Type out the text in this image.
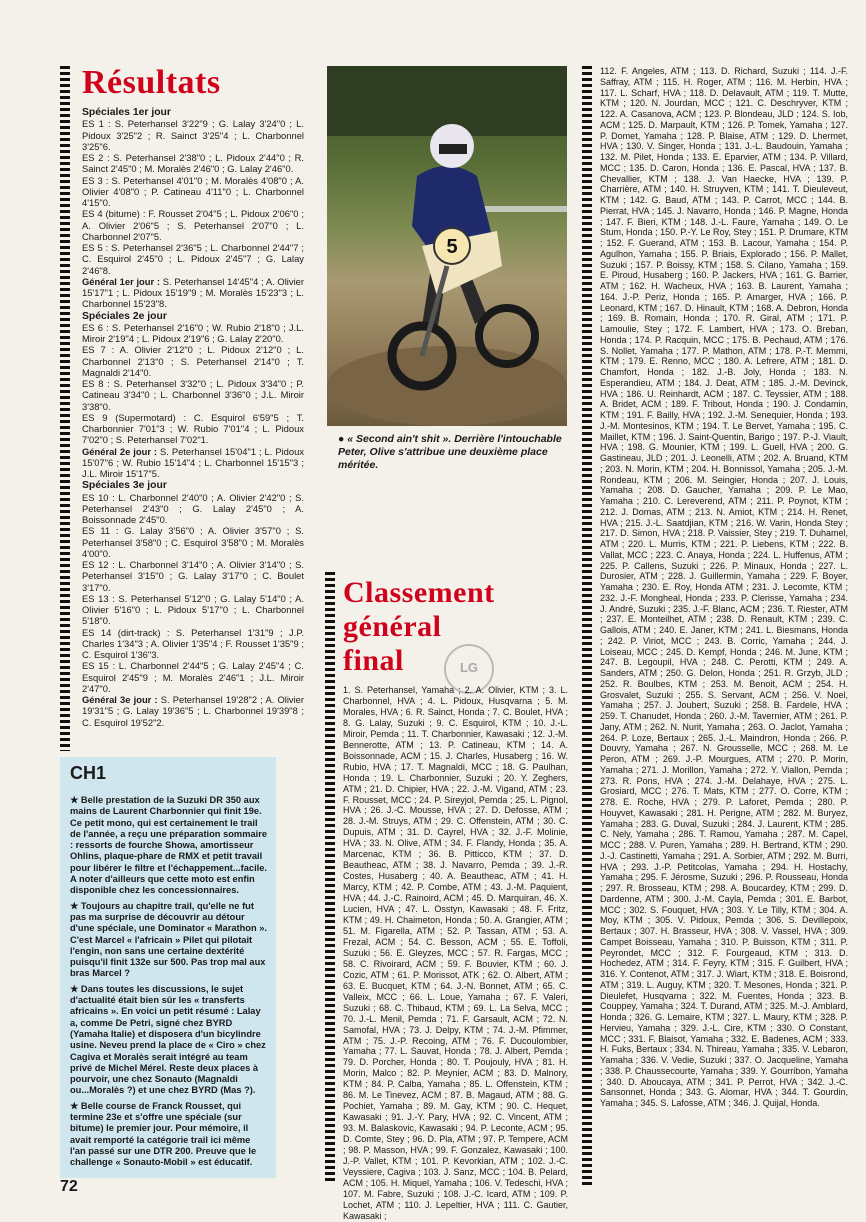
Résultats

Spéciales 1er jour

ES 1 : S. Peterhansel 3'22"9 ; G. Lalay 3'24"0 ; L. Pidoux 3'25"2 ; R. Sainct 3'25"4 ; L. Charbonnel 3'25"6.

ES 2 : S. Peterhansel 2'38"0 ; L. Pidoux 2'44"0 ; R. Sainct 2'45"0 ; M. Moralès 2'46"0 ; G. Lalay 2'46"0.

ES 3 : S. Peterhansel 4'01"0 ; M. Moralès 4'08"0 ; A. Olivier 4'08"0 ; P. Catineau 4'11"0 ; L. Charbonnel 4'15"0.

ES 4 (bitume) : F. Rousset 2'04"5 ; L. Pidoux 2'06"0 ; A. Olivier 2'06"5 ; S. Peterhansel 2'07"0 ; L. Charbonnel 2'07"5.

ES 5 : S. Peterhansel 2'36"5 ; L. Charbonnel 2'44"7 ; C. Esquirol 2'45"0 ; L. Pidoux 2'45"7 ; G. Lalay 2'46"8.

Général 1er jour : S. Peterhansel 14'45"4 ; A. Olivier 15'17"1 ; L. Pidoux 15'19"9 ; M. Moralès 15'23"3 ; L. Charbonnel 15'23"8.

Spéciales 2e jour

ES 6 : S. Peterhansel 2'16"0 ; W. Rubio 2'18"0 ; J.L. Miroir 2'19"4 ; L. Pidoux 2'19"6 ; G. Lalay 2'20"0.

ES 7 : A. Olivier 2'12"0 ; L. Pidoux 2'12"0 ; L. Charbonnel 2'13"0 ; S. Peterhansel 2'14"0 ; T. Magnaldi 2'14"0.

ES 8 : S. Peterhansel 3'32"0 ; L. Pidoux 3'34"0 ; P. Catineau 3'34"0 ; L. Charbonnel 3'36"0 ; J.L. Miroir 3'38"0.

ES 9 (Supermotard) : C. Esquirol 6'59"5 ; T. Charbonnier 7'01"3 ; W. Rubio 7'01"4 ; L. Pidoux 7'02"0 ; S. Peterhansel 7'02"1.

Général 2e jour : S. Peterhansel 15'04"1 ; L. Pidoux 15'07"6 ; W. Rubio 15'14"4 ; L. Charbonnel 15'15"3 ; J.L. Miroir 15'17"5.

Spéciales 3e jour

ES 10 : L. Charbonnel 2'40"0 ; A. Olivier 2'42"0 ; S. Peterhansel 2'43"0 ; G. Lalay 2'45"0 ; A. Boissonnade 2'45"0.

ES 11 : G. Lalay 3'56"0 ; A. Olivier 3'57"0 ; S. Peterhansel 3'58"0 ; C. Esquirol 3'58"0 ; M. Moralès 4'00"0.

ES 12 : L. Charbonnel 3'14"0 ; A. Olivier 3'14"0 ; S. Peterhansel 3'15"0 ; G. Lalay 3'17"0 ; C. Boulet 3'17"0.

ES 13 : S. Peterhansel 5'12"0 ; G. Lalay 5'14"0 ; A. Olivier 5'16"0 ; L. Pidoux 5'17"0 ; L. Charbonnel 5'18"0.

ES 14 (dirt-track) : S. Peterhansel 1'31"9 ; J.P. Charles 1'34"3 ; A. Olivier 1'35"4 ; F. Rousset 1'35"9 ; C. Esquirol 1'36"3.

ES 15 : L. Charbonnel 2'44"5 ; G. Lalay 2'45"4 ; C. Esquirol 2'45"9 ; M. Moralès 2'46"1 ; J.L. Miroir 2'47"0.

Général 3e jour : S. Peterhansel 19'28"2 ; A. Olivier 19'31"5 ; G. Lalay 19'36"5 ; L. Charbonnel 19'39"8 ; C. Esquirol 19'52"2.

5
● « Second ain't shit ». Derrière l'intouchable Peter, Olive s'attribue une deuxième place méritée.
CH1

★ Belle prestation de la Suzuki DR 350 aux mains de Laurent Charbonnier qui finit 19e. Ce petit mono, qui est certainement le trail de l'année, a reçu une préparation sommaire : ressorts de fourche Showa, amortisseur Ohlins, plaque-phare de RMX et petit travail pour libérer le filtre et l'échappement...facile. A noter d'ailleurs que cette moto est enfin disponible chez les concessionnaires.

★ Toujours au chapitre trail, qu'elle ne fut pas ma surprise de découvrir au détour d'une spéciale, une Dominator « Marathon ». C'est Marcel « l'africain » Pilet qui pilotait l'engin, non sans une certaine dextérité puisqu'il finit 132e sur 500. Pas trop mal aux bras Marcel ?

★ Dans toutes les discussions, le sujet d'actualité était bien sûr les « transferts africains ». En voici un petit résumé : Lalay a, comme De Petri, signé chez BYRD (Yamaha Italie) et disposera d'un bicylindre usine. Neveu prend la place de « Ciro » chez Cagiva et Moralès serait intégré au team privé de Michel Mérel. Reste deux places à pourvoir, une chez Sonauto (Magnaldi ou...Moralès ?) et une chez BYRD (Mas ?).

★ Belle course de Franck Rousset, qui termine 23e et s'offre une spéciale (sur bitume) le premier jour. Pour mémoire, il avait remporté la catégorie trail ici même l'an passé sur une DTR 200. Preuve que le challenge « Sonauto-Mobil » est éducatif.

Classement
général
final	LG

1. S. Peterhansel, Yamaha ; 2. A. Olivier, KTM ; 3. L. Charbonnel, HVA ; 4. L. Pidoux, Husqvarna ; 5. M. Morales, HVA ; 6. R. Sainct, Honda ; 7. C. Boulet, HVA ; 8. G. Lalay, Suzuki ; 9. C. Esquirol, KTM ; 10. J.-L. Miroir, Pemda ; 11. T. Charbonnier, Kawasaki ; 12. J.-M. Bennerotte, ATM ; 13. P. Catineau, KTM ; 14. A. Boissonnade, ACM ; 15. J. Charles, Husaberg ; 16. W. Rubio, HVA ; 17. T. Magnaldi, MCC ; 18. G. Paulhan, Honda ; 19. L. Charbonnier, Suzuki ; 20. Y. Zeghers, ATM ; 21. D. Chipier, HVA ; 22. J.-M. Vigand, ATM ; 23. F. Rousset, MCC ; 24. P. Sireyjol, Pemda ; 25. L. Pignol, HVA ; 26. J.-C. Mousse, HVA ; 27. D. Defosse, ATM ; 28. J.-M. Struys, ATM ; 29. C. Offenstein, ATM ; 30. C. Dupuis, ATM ; 31. D. Cayrel, HVA ; 32. J.-F. Molinie, HVA ; 33. N. Olive, ATM ; 34. F. Flandy, Honda ; 35. A. Marcenac, KTM ; 36. B. Pitticco, KTM ; 37. D. Beautheac, ATM ; 38. J. Navarro, Pemda ; 39. J.-R. Costes, Husaberg ; 40. A. Beautheac, ATM ; 41. H. Marcy, KTM ; 42. P. Combe, ATM ; 43. J.-M. Paquient, HVA ; 44. J.-C. Rainoird, ACM ; 45. D. Marquiran, 46. X. Lucien, HVA ; 47. L. Osstyn, Kawasaki ; 48. F. Fritz, KTM ; 49. H. Chaimeton, Honda ; 50. A. Grangier, ATM ; 51. M. Figarella, ATM ; 52. P. Tassan, ATM ; 53. A. Frezal, ACM ; 54. C. Besson, ACM ; 55. E. Toffoli, Suzuki ; 56. E. Gleyzes, MCC ; 57. R. Fargas, MCC ; 58. C. Rivoirard, ACM ; 59. F. Bouvier, KTM ; 60. J. Cozic, ATM ; 61. P. Morissot, ATK ; 62. O. Albert, ATM ; 63. E. Bucquet, KTM ; 64. J.-N. Bonnet, ATM ; 65. C. Valleix, MCC ; 66. L. Loue, Yamaha ; 67. F. Valeri, Suzuki ; 68. C. Thibaud, KTM ; 69. L. La Selva, MCC ; 70. J.-L. Menil, Pemda ; 71. F. Garsault, ACM ; 72. N. Samofal, HVA ; 73. J. Delpy, KTM ; 74. J.-M. Pfimmer, ATM ; 75. J.-P. Recoing, ATM ; 76. F. Ducoulombier, Yamaha ; 77. L. Sauvat, Honda ; 78. J. Albert, Pemda ; 79. D. Porcher, Honda ; 80. T. Poujouly, HVA ; 81. H. Morin, Malco ; 82. P. Meynier, ACM ; 83. D. Malnory, KTM ; 84. P. Calba, Yamaha ; 85. L. Offenstein, KTM ; 86. M. Le Tinevez, ACM ; 87. B. Magaud, ATM ; 88. G. Pochiet, Yamaha ; 89. M. Gay, KTM ; 90. C. Hequet, Kawasaki ; 91. J.-Y. Pary, HVA ; 92. C. Vincent, ATM ; 93. M. Balaskovic, Kawasaki ; 94. P. Leconte, ACM ; 95. D. Comte, Stey ; 96. D. Pla, ATM ; 97. P. Tempere, ACM ; 98. P. Masson, HVA ; 99. F. Gonzalez, Kawasaki ; 100. J.-P. Vallet, KTM ; 101. P. Kevorkian, ATM ; 102. J.-C. Veyssiere, Cagiva ; 103. J. Sanz, MCC ; 104. B. Pelard, ACM ; 105. H. Miquel, Yamaha ; 106. V. Tedeschi, HVA ; 107. M. Fabre, Suzuki ; 108. J.-C. Icard, ATM ; 109. P. Lochet, ATM ; 110. J. Lepeltier, HVA ; 111. C. Gautier, Kawasaki ;

112. F. Angeles, ATM ; 113. D. Richard, Suzuki ; 114. J.-F. Saffray, ATM ; 115. H. Roger, ATM ; 116. M. Herbin, HVA ; 117. L. Scharf, HVA ; 118. D. Delavault, ATM ; 119. T. Mutte, KTM ; 120. N. Jourdan, MCC ; 121. C. Deschryver, KTM ; 122. A. Casanova, ACM ; 123. P. Blondeau, JLD ; 124. S. Iob, ACM ; 125. D. Marpault, KTM ; 126. P. Tomek, Yamaha ; 127. P. Domet, Yamaha ; 128. P. Blaise, ATM ; 129. D. Lhermet, HVA ; 130. V. Singer, Honda ; 131. J.-L. Baudouin, Yamaha ; 132. M. Pilet, Honda ; 133. E. Eparvier, ATM ; 134. P. Villard, MCC ; 135. D. Caron, Honda ; 136. E. Pascal, HVA ; 137. B. Chevallier, KTM ; 138. J. Van Haecke, HVA ; 139. P. Charrière, ATM ; 140. H. Struyven, KTM ; 141. T. Dieuleveut, KTM ; 142. G. Baud, ATM ; 143. P. Carrot, MCC ; 144. B. Pierrat, HVA ; 145. J. Navarro, Honda ; 146. P. Magne, Honda ; 147. F. Bieri, KTM ; 148. J.-L. Faure, Yamaha ; 149. O. Le Stum, Honda ; 150. P.-Y. Le Roy, Stey ; 151. P. Drumare, KTM ; 152. F. Guerand, ATM ; 153. B. Lacour, Yamaha ; 154. P. Agulhon, Yamaha ; 155. P. Briais, Explorado ; 156. P. Mallet, Suzuki ; 157. P. Boissy, KTM ; 158. S. Cilano, Yamaha ; 159. E. Piroud, Husaberg ; 160. P. Jackers, HVA ; 161. G. Barrier, ATM ; 162. H. Wacheux, HVA ; 163. B. Laurent, Yamaha ; 164. J.-P. Periz, Honda ; 165. P. Amarger, HVA ; 166. P. Leonard, KTM ; 167. D. Hinault, KTM ; 168. A. Debron, Honda ; 169. B. Romain, Honda ; 170. R. Giral, ATM ; 171. P. Lamoulie, Stey ; 172. F. Lambert, HVA ; 173. O. Breban, Honda ; 174. P. Racquin, MCC ; 175. B. Pechaud, ATM ; 176. S. Nollet, Yamaha ; 177. P. Mathon, ATM ; 178. P.-T. Memmi, KTM ; 179. E. Renno, MCC ; 180. A. Lefrere, ATM ; 181. D. Chamfort, Honda ; 182. J.-B. Joly, Honda ; 183. N. Esperandieu, ATM ; 184. J. Deat, ATM ; 185. J.-M. Devinck, HVA ; 186. U. Reinhardt, ACM ; 187. C. Teyssier, ATM ; 188. A. Bridet, ACM ; 189. F. Tribout, Honda ; 190. J. Condamin, KTM ; 191. F. Bailly, HVA ; 192. J.-M. Senequier, Honda ; 193. J.-M. Montesinos, KTM ; 194. T. Le Bervet, Yamaha ; 195. C. Maillet, KTM ; 196. J. Saint-Quentin, Barigo ; 197. P.-J. Viault, HVA ; 198. G. Mounier, KTM ; 199. L. Guell, HVA ; 200. G. Gastineau, JLD ; 201. J. Leonelli, ATM ; 202. A. Bruand, KTM ; 203. N. Morin, KTM ; 204. H. Bonnissol, Yamaha ; 205. J.-M. Rondeau, KTM ; 206. M. Seingier, Honda ; 207. J. Louis, Yamaha ; 208. D. Gaucher, Yamaha ; 209. P. Le Mao, Yamaha ; 210. C. Lereverend, ATM ; 211. P. Poynot, KTM ; 212. J. Domas, ATM ; 213. N. Amiot, KTM ; 214. H. Renet, HVA ; 215. J.-L. Saatdjian, KTM ; 216. W. Varin, Honda Stey ; 217. D. Simon, HVA ; 218. P. Vaissier, Stey ; 219. T. Duhamel, ATM ; 220. L. Murris, KTM ; 221. P. Liebens, KTM ; 222. B. Vallat, MCC ; 223. C. Anaya, Honda ; 224. L. Huffenus, ATM ; 225. P. Callens, Suzuki ; 226. P. Minaux, Honda ; 227. L. Durosier, ATM ; 228. J. Guillermin, Yamaha ; 229. F. Boyer, Yamaha ; 230. E. Roy, Honda ATM ; 231. J. Lecomte, KTM ; 232. J.-F. Mongheal, Honda ; 233. P. Clerisse, Yamaha ; 234. J. André, Suzuki ; 235. J.-F. Blanc, ACM ; 236. T. Riester, ATM ; 237. E. Monteilhet, ATM ; 238. D. Renault, KTM ; 239. C. Gallois, ATM ; 240. E. Janer, KTM ; 241. L. Biesmans, Honda ; 242. P. Viriot, MCC ; 243. B. Corric, Yamaha ; 244. J. Loiseau, MCC ; 245. D. Kempf, Honda ; 246. M. June, KTM ; 247. B. Legoupil, HVA ; 248. C. Perotti, KTM ; 249. A. Sanders, ATM ; 250. G. Delon, Honda ; 251. R. Grzyb, JLD ; 252. R. Boulbes, KTM ; 253. M. Benoit, ACM ; 254. H. Grosvalet, Suzuki ; 255. S. Servant, ACM ; 256. V. Noel, Yamaha ; 257. J. Joubert, Suzuki ; 258. B. Fardele, HVA ; 259. T. Chanudet, Honda ; 260. J.-M. Tavernier, ATM ; 261. P. Jany, ATM ; 262. N. Nurit, Yamaha ; 263. O. Jaclot, Yamaha ; 264. P. Loze, Bertaux ; 265. J.-L. Maindron, Honda ; 266. P. Douvry, Yamaha ; 267. N. Grousselle, MCC ; 268. M. Le Peron, ATM ; 269. J.-P. Mourgues, ATM ; 270. P. Morin, Yamaha ; 271. J. Morillon, Yamaha ; 272. Y. Viallon, Pemda ; 273. R. Pons, HVA ; 274. J.-M. Delahaye, HVA ; 275. L. Grosiard, MCC ; 276. T. Mats, KTM ; 277. O. Corre, KTM ; 278. E. Roche, HVA ; 279. P. Laforet, Pemda ; 280. P. Houyvet, Kawasaki ; 281. H. Perigne, ATM ; 282. M. Buryez, Yamaha ; 283. G. Duval, Suzuki ; 284. J. Laurent, KTM ; 285. C. Nely, Yamaha ; 286. T. Ramou, Yamaha ; 287. M. Capel, MCC ; 288. V. Puren, Yamaha ; 289. H. Bertrand, KTM ; 290. J.-J. Castinetti, Yamaha ; 291. A. Sorbier, ATM ; 292. M. Burri, HVA ; 293. J.-P. Petitcolas, Yamaha ; 294. H. Hostachy, Yamaha ; 295. F. Jérosme, Suzuki ; 296. P. Rousseau, Honda ; 297. R. Brosseau, KTM ; 298. A. Boucardey, KTM ; 299. D. Dardenne, ATM ; 300. J.-M. Cayla, Pemda ; 301. E. Barbot, MCC ; 302. S. Fouquet, HVA ; 303. Y. Le Tilly, KTM ; 304. A. Moy, KTM ; 305. V. Pidoux, Pemda ; 306. S. Devillepoix, Bertaux ; 307. H. Brasseur, HVA ; 308. V. Vassel, HVA ; 309. Campet Boisseau, Yamaha ; 310. P. Buisson, KTM ; 311. P. Peyrondet, MCC ; 312. F. Fourgeaud, KTM ; 313. D. Hochedez, ATM ; 314. F. Feyry, KTM ; 315. F. Guilbert, HVA ; 316. Y. Contenot, ATM ; 317. J. Wiart, KTM ; 318. E. Boisrond, ATM ; 319. L. Auguy, KTM ; 320. T. Mesones, Honda ; 321. P. Dieulefet, Husqvarna ; 322. M. Fuentes, Honda ; 323. B. Couppey, Yamaha ; 324. T. Durand, ATM ; 325. M.-J. Amblard, Honda ; 326. G. Lemaire, KTM ; 327. L. Maury, KTM ; 328. P. Hervieu, Yamaha ; 329. J.-L. Cire, KTM ; 330. O Constant, MCC ; 331. F. Blaisot, Yamaha ; 332. E. Badenes, ACM ; 333. H. Fuks, Bertaux ; 334. N. Thireau, Yamaha ; 335. V. Lebaron, Yamaha ; 336. V. Vedie, Suzuki ; 337. O. Jacqueline, Yamaha ; 338. P. Chaussecourte, Yamaha ; 339. Y. Gourribon, Yamaha ; 340. D. Aboucaya, ATM ; 341. P. Perrot, HVA ; 342. J.-C. Sansonnet, Honda ; 343. G. Alomar, HVA ; 344. T. Gourdin, Yamaha ; 345. S. Lafosse, ATM ; 346. J. Quijal, Honda.

72
